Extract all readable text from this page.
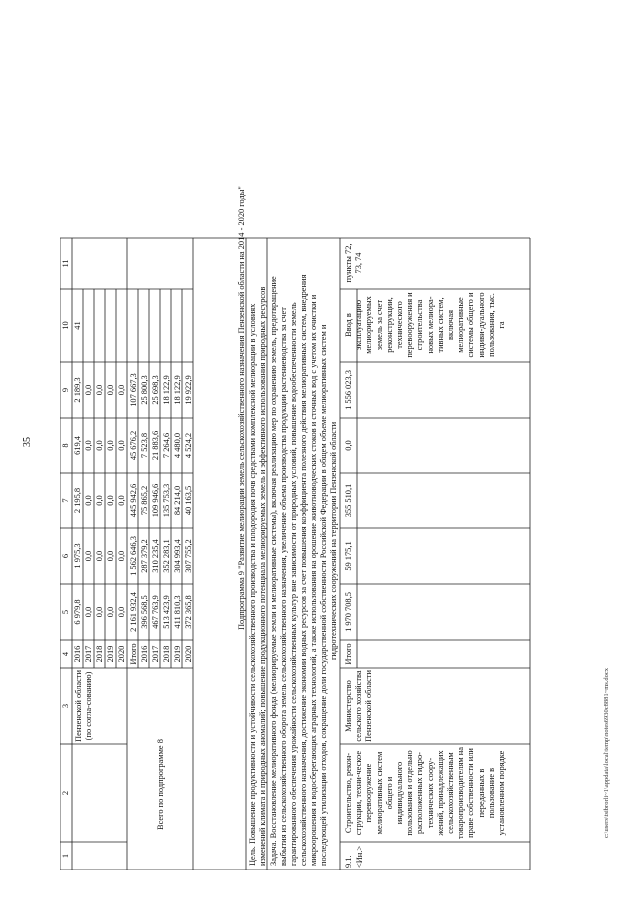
35
c:\users\tsibrorli~1\appdata\local\temp\notes6930c8881~ms.docx
1
2
3
4
5
6
7
8
9
10
11
Пензенской области (по согла-сованию)
Всего по подпрограмме 8
Подпрограмма 9 "Развитие мелиорации земель сельскохозяйственного назначения Пензенской области на 2014 - 2020 годы" Цель. Повышение продуктивности и устойчивости сельскохозяйственного производства и плодородия почв средствами комплексной мелиорации в условиях изменений климата и природных аномалий; повышение продукционного потенциала мелиорируемых земель и эффективного использования природных ресурсов Задача. Восстановление мелиоративного фонда (мелиорируемые земли и мелиоративные системы), включая реализацию мер по охранению земель, предотвращение выбытия из сельскохозяйственного оборота земель сельскохозяйственного назначения, увеличение объема производства продукции растениеводства за счет гарантированного обеспечения урожайности сельскохозяйственных культур вне зависимости от природных условий, повышение водообеспеченности земель сельскохозяйственного назначения, достижение экономии водных ресурсов за счет повышения коэффициента полезного действия мелиоративных систем, внедрения микроорошения и водосберегающих аграрных технологий, а также использования на орошение животноводческих стоков и сточных вод с учетом их очистки и последующей утилизации отходов, сокращение доли государственной собственности Российской Федерации в общем объеме мелиоративных систем и гидротехнических сооружений на территории Пензенской области
9.1. <Ин.>
Строительство, рекон-струкции, техни-ческое перевооружение мелиоративных систем общего и индивидуального пользования и отдельно расположенных гидро-технических соору-жений, принадлежащих сельскохозяйственным товаропроизводителям на праве собственности или переданных в пользование в установленном порядке
Министерство сельского хозяйства Пензенской области
Итого
1 970 708,5
59 175,1
355 510,1
0,0
1 556 023,3
Ввод в эксплуатацию мелиорируемых земель за счет реконструкции, технического перевооружения и строительства новых мелиора-тивных систем, включая мелиоративные системы общего и индиви-дуального пользования, тыс. га
пункты 72, 73, 74
2016
6 979,8
1 975,3
2 195,8
619,4
2 189,3
41
2017
0,0
0,0
0,0
0,0
0,0
2018
0,0
0,0
0,0
0,0
0,0
2019
0,0
0,0
0,0
0,0
0,0
2020
0,0
0,0
0,0
0,0
0,0
Итого
2 161 932,4
1 562 646,3
445 942,6
45 676,2
107 667,3
2016
396 568,5
287 379,2
75 865,2
7 523,8
25 800,3
2017
467 763,9
310 235,4
109 946,6
21 883,6
25 698,3
2018
513 423,9
352 283,1
135 753,3
7 264,6
18 122,9
2019
411 810,3
304 993,4
84 214,0
4 480,0
18 122,9
2020
372 365,8
307 755,2
40 163,5
4 524,2
19 922,9
